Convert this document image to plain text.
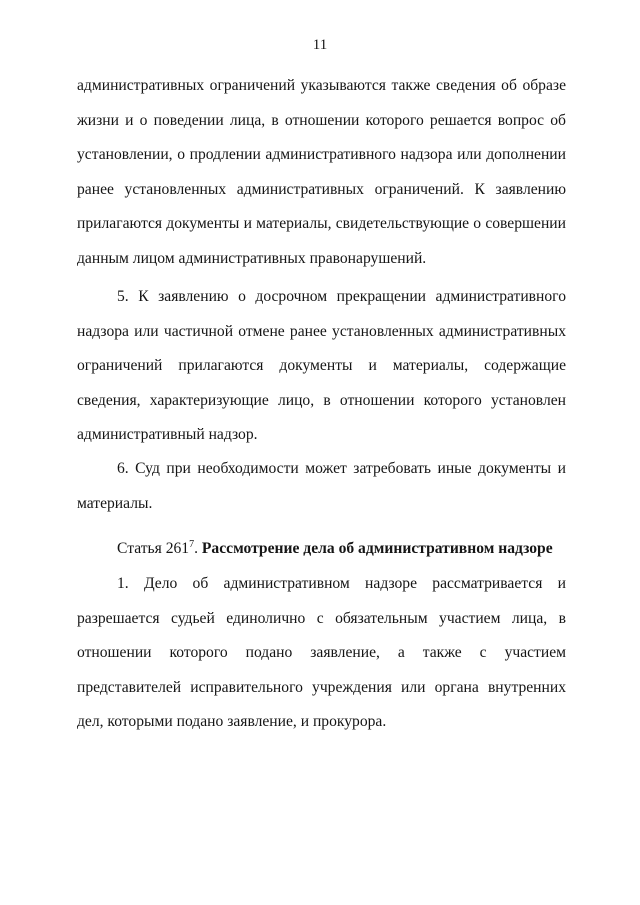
11

административных ограничений указываются также сведения об образе жизни и о поведении лица, в отношении которого решается вопрос об установлении, о продлении административного надзора или дополнении ранее установленных административных ограничений. К заявлению прилагаются документы и материалы, свидетельствующие о совершении данным лицом административных правонарушений.

5. К заявлению о досрочном прекращении административного надзора или частичной отмене ранее установленных административных ограничений прилагаются документы и материалы, содержащие сведения, характеризующие лицо, в отношении которого установлен административный надзор.

6. Суд при необходимости может затребовать иные документы и материалы.

Статья $261^7$. Рассмотрение дела об административном надзоре

1. Дело об административном надзоре рассматривается и разрешается судьей единолично с обязательным участием лица, в отношении которого подано заявление, а также с участием представителей исправительного учреждения или органа внутренних дел, которыми подано заявление, и прокурора.
